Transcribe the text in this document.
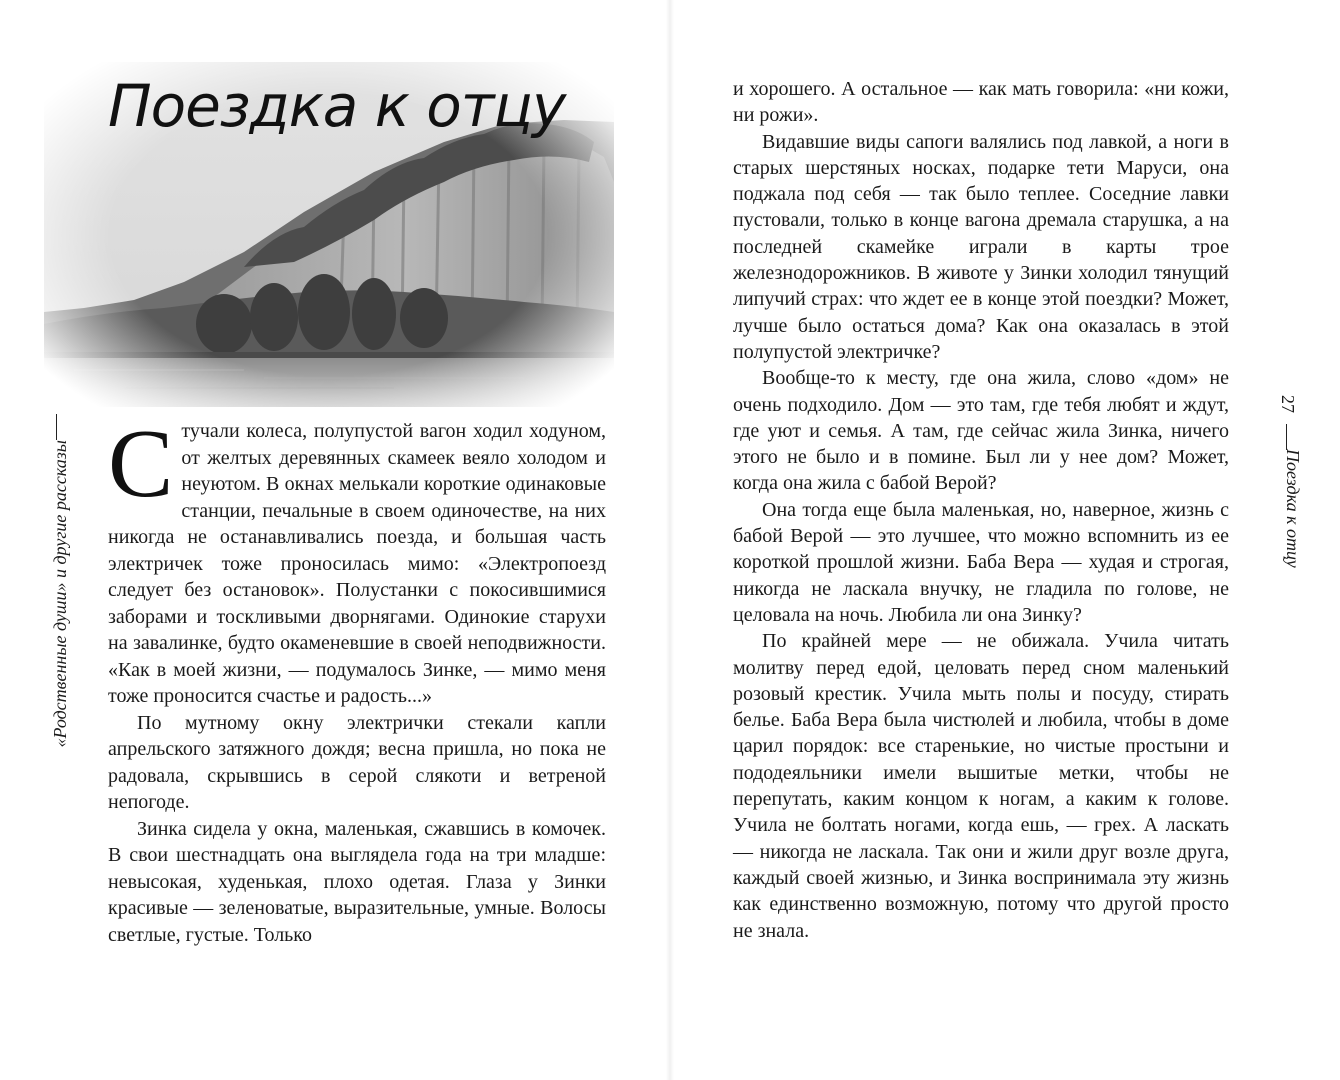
Поездка к отцу
«Родственные души» и другие рассказы Стучали колеса, полупустой вагон ходил ходуном, от желтых деревянных скамеек веяло холодом и неуютом. В окнах мелькали короткие одинаковые станции, печальные в своем одиночестве, на них никогда не останавливались поезда, и большая часть электричек тоже проносилась мимо: «Электропоезд следует без остановок». Полустанки с покосившимися заборами и тоскливыми дворнягами. Одинокие старухи на завалинке, будто окаменевшие в своей неподвижности. «Как в моей жизни, — подумалось Зинке, — мимо меня тоже проносится счастье и радость...»

По мутному окну электрички стекали капли апрельского затяжного дождя; весна пришла, но пока не радовала, скрывшись в серой слякоти и ветреной непогоде.

Зинка сидела у окна, маленькая, сжавшись в комочек. В свои шестнадцать она выглядела года на три младше: невысокая, худенькая, плохо одетая. Глаза у Зинки красивые — зеленоватые, выразительные, умные. Волосы светлые, густые. Только

и хорошего. А остальное — как мать говорила: «ни кожи, ни рожи».

Видавшие виды сапоги валялись под лавкой, а ноги в старых шерстяных носках, подарке тети Маруси, она поджала под себя — так было теплее. Соседние лавки пустовали, только в конце вагона дремала старушка, а на последней скамейке играли в карты трое железнодорожников. В животе у Зинки холодил тянущий липучий страх: что ждет ее в конце этой поездки? Может, лучше было остаться дома? Как она оказалась в этой полупустой электричке?

Вообще-то к месту, где она жила, слово «дом» не очень подходило. Дом — это там, где тебя любят и ждут, где уют и семья. А там, где сейчас жила Зинка, ничего этого не было и в помине. Был ли у нее дом? Может, когда она жила с бабой Верой?

Она тогда еще была маленькая, но, наверное, жизнь с бабой Верой — это лучшее, что можно вспомнить из ее короткой прошлой жизни. Баба Вера — худая и строгая, никогда не ласкала внучку, не гладила по голове, не целовала на ночь. Любила ли она Зинку?

По крайней мере — не обижала. Учила читать молитву перед едой, целовать перед сном маленький розовый крестик. Учила мыть полы и посуду, стирать белье. Баба Вера была чистюлей и любила, чтобы в доме царил порядок: все старенькие, но чистые простыни и пододеяльники имели вышитые метки, чтобы не перепутать, каким концом к ногам, а каким к голове. Учила не болтать ногами, когда ешь, — грех. А ласкать — никогда не ласкала. Так они и жили друг возле друга, каждый своей жизнью, и Зинка воспринимала эту жизнь как единственно возможную, потому что другой просто не знала.

27
Поездка к отцу
